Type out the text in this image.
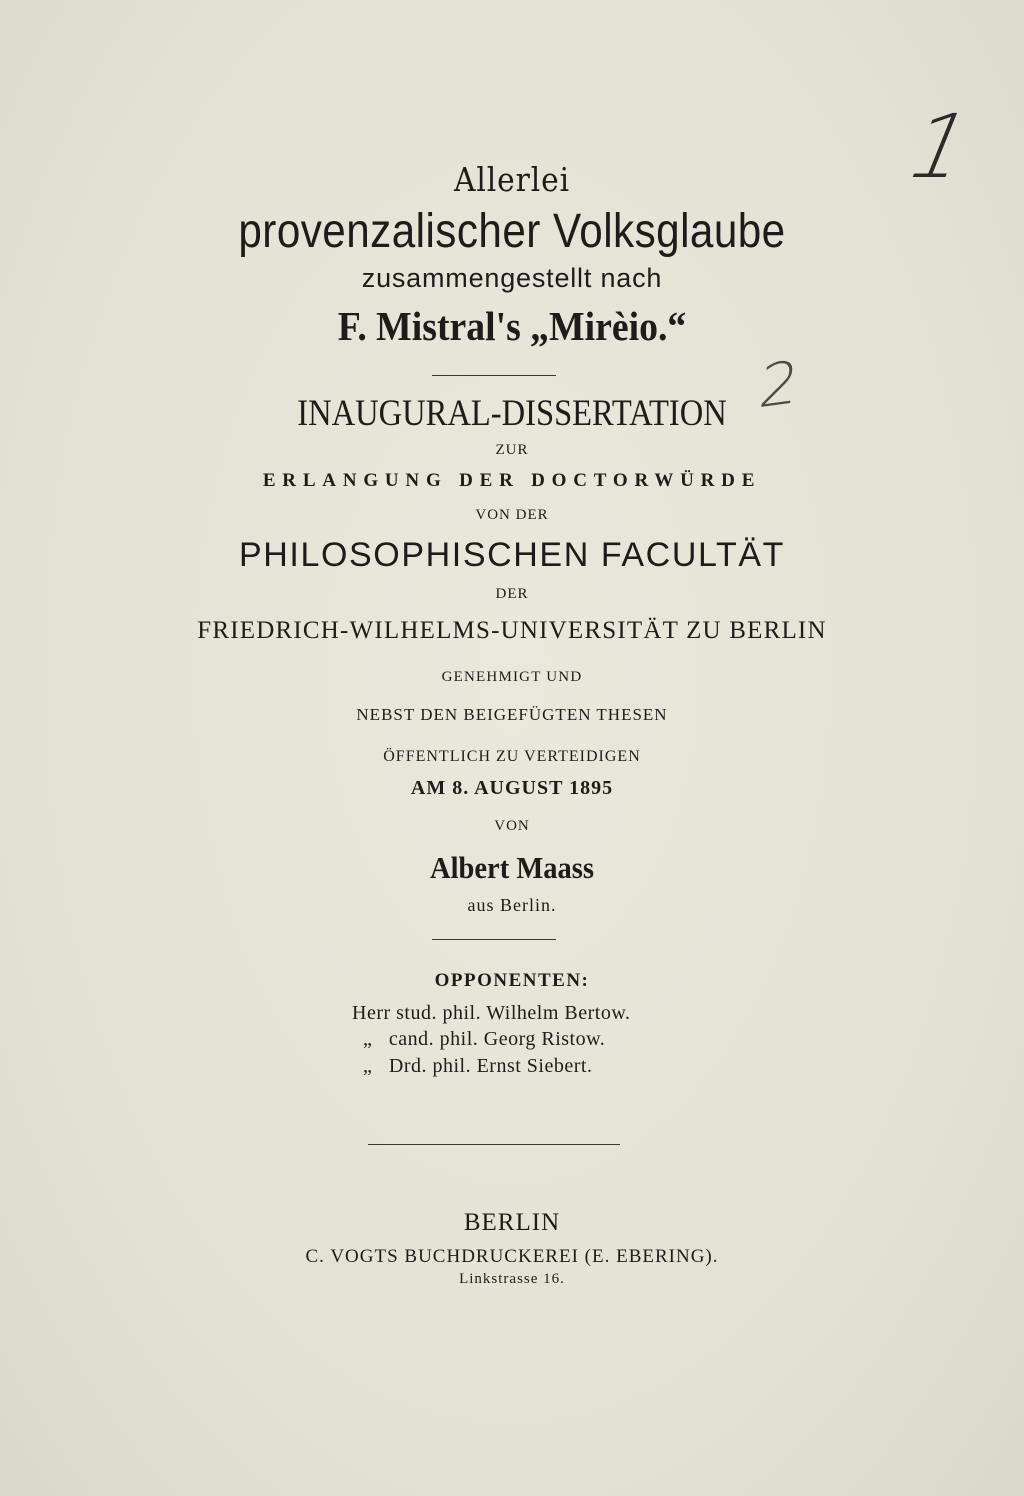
1
2
Allerlei
provenzalischer Volksglaube
zusammengestellt nach
F. Mistral's „Mirèio.“
INAUGURAL-DISSERTATION
ZUR
ERLANGUNG DER DOCTORWÜRDE
VON DER
PHILOSOPHISCHEN FACULTÄT
DER
FRIEDRICH-WILHELMS-UNIVERSITÄT ZU BERLIN
GENEHMIGT UND
NEBST DEN BEIGEFÜGTEN THESEN
ÖFFENTLICH ZU VERTEIDIGEN
AM 8. AUGUST 1895
VON
Albert Maass
aus Berlin.
OPPONENTEN:
Herr stud. phil. Wilhelm Bertow.
„   cand. phil. Georg Ristow.
„   Drd. phil. Ernst Siebert.
BERLIN
C. VOGTS BUCHDRUCKEREI (E. EBERING).
Linkstrasse 16.
